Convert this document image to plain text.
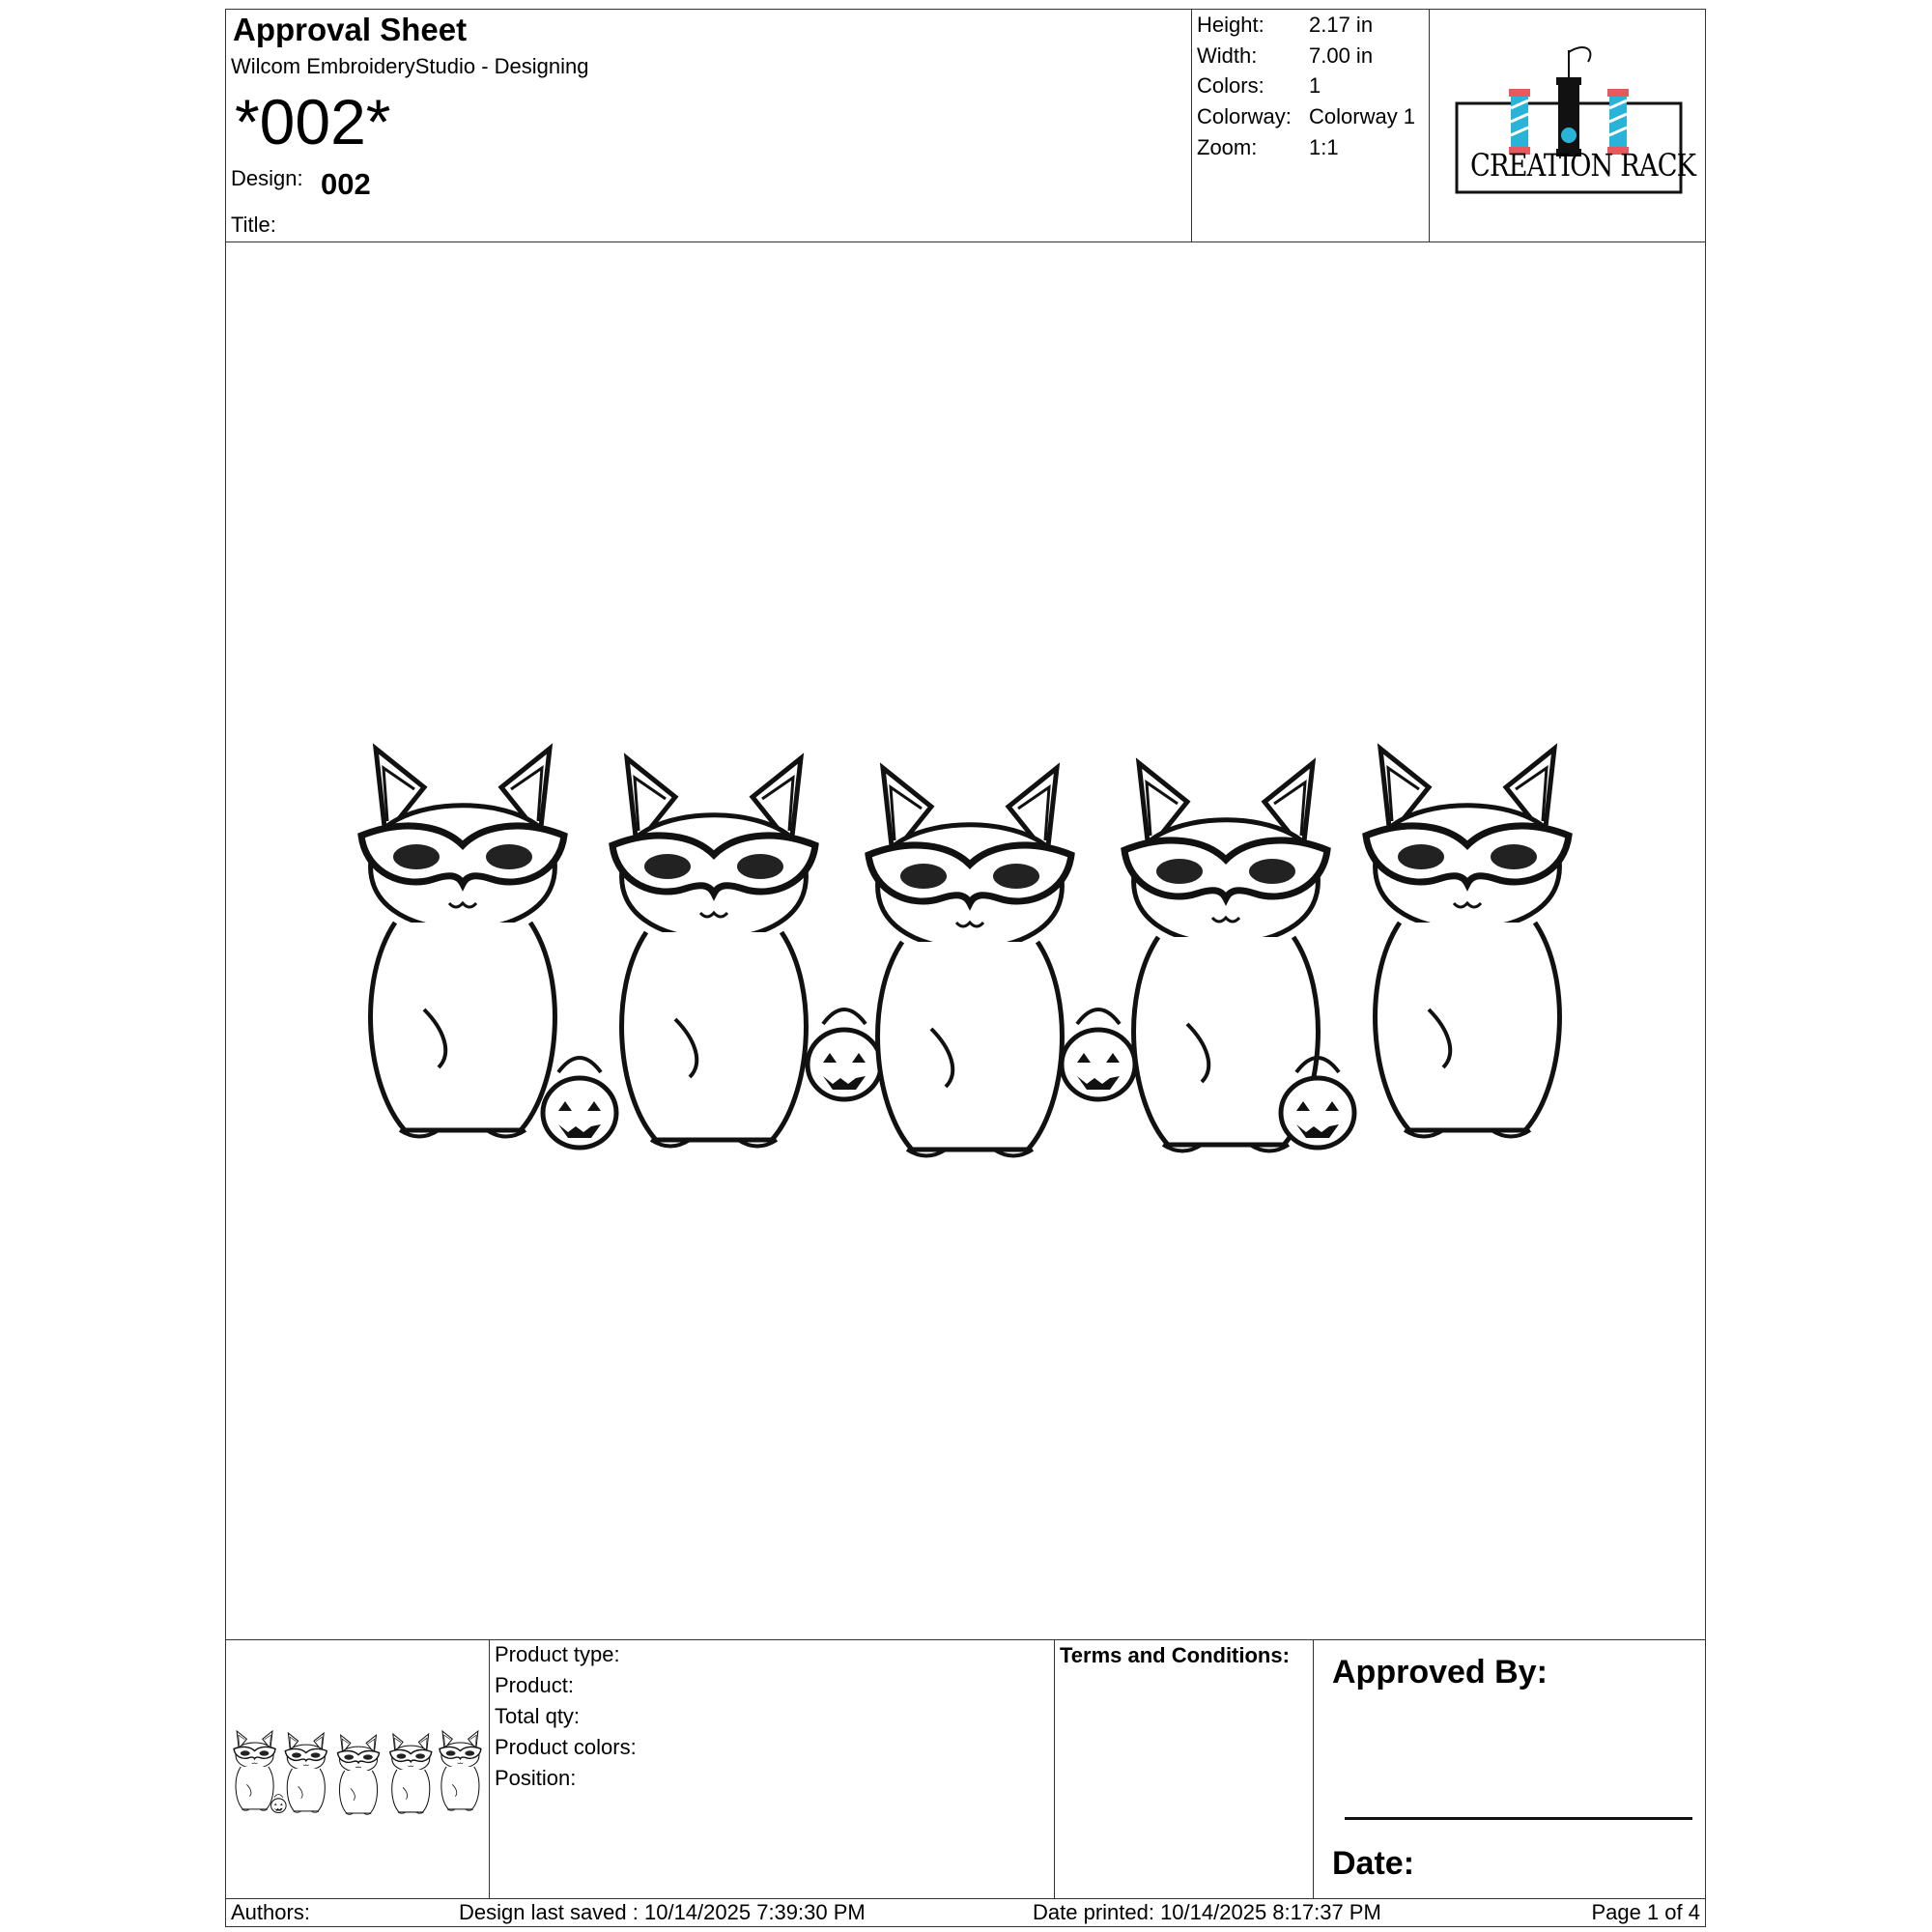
Approval Sheet
Wilcom EmbroideryStudio - Designing
*002*
Design: 002
Title:
Height: 2.17 in
Width: 7.00 in
Colors: 1
Colorway: Colorway 1
Zoom: 1:1	CREATION RACK
Product type:
Product:
Total qty:
Product colors:
Position:
Terms and Conditions: Approved By:
Date:
Authors:	Design last saved : 10/14/2025 7:39:30 PM	Date printed: 10/14/2025 8:17:37 PM	Page 1 of 4
